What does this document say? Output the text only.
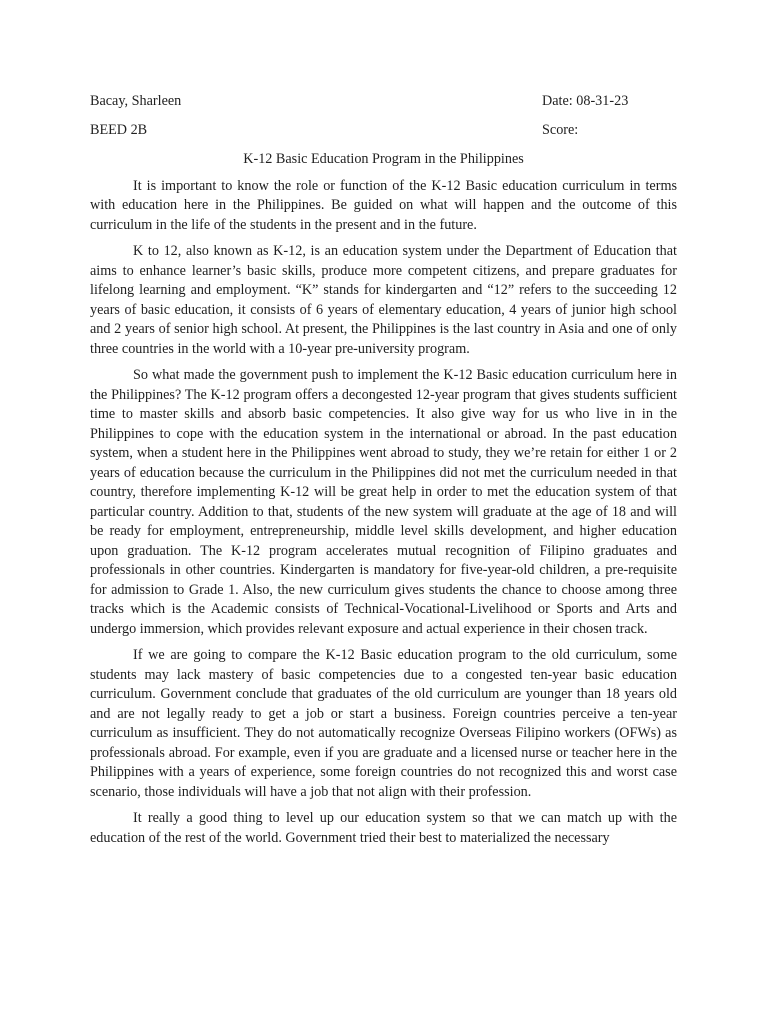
Bacay, Sharleen	Date: 08-31-23
BEED 2B	Score:
K-12 Basic Education Program in the Philippines

It is important to know the role or function of the K-12 Basic education curriculum in terms with education here in the Philippines. Be guided on what will happen and the outcome of this curriculum in the life of the students in the present and in the future.

K to 12, also known as K-12, is an education system under the Department of Education that aims to enhance learner’s basic skills, produce more competent citizens, and prepare graduates for lifelong learning and employment. “K” stands for kindergarten and “12” refers to the succeeding 12 years of basic education, it consists of 6 years of elementary education, 4 years of junior high school and 2 years of senior high school. At present, the Philippines is the last country in Asia and one of only three countries in the world with a 10-year pre-university program.

So what made the government push to implement the K-12 Basic education curriculum here in the Philippines? The K-12 program offers a decongested 12-year program that gives students sufficient time to master skills and absorb basic competencies. It also give way for us who live in in the Philippines to cope with the education system in the international or abroad. In the past education system, when a student here in the Philippines went abroad to study, they we’re retain for either 1 or 2 years of education because the curriculum in the Philippines did not met the curriculum needed in that country, therefore implementing K-12 will be great help in order to met the education system of that particular country. Addition to that, students of the new system will graduate at the age of 18 and will be ready for employment, entrepreneurship, middle level skills development, and higher education upon graduation. The K-12 program accelerates mutual recognition of Filipino graduates and professionals in other countries. Kindergarten is mandatory for five-year-old children, a pre-requisite for admission to Grade 1. Also, the new curriculum gives students the chance to choose among three tracks which is the Academic consists of Technical-Vocational-Livelihood or Sports and Arts and undergo immersion, which provides relevant exposure and actual experience in their chosen track.

If we are going to compare the K-12 Basic education program to the old curriculum, some students may lack mastery of basic competencies due to a congested ten-year basic education curriculum. Government conclude that graduates of the old curriculum are younger than 18 years old and are not legally ready to get a job or start a business. Foreign countries perceive a ten-year curriculum as insufficient. They do not automatically recognize Overseas Filipino workers (OFWs) as professionals abroad. For example, even if you are graduate and a licensed nurse or teacher here in the Philippines with a years of experience, some foreign countries do not recognized this and worst case scenario, those individuals will have a job that not align with their profession.

It really a good thing to level up our education system so that we can match up with the education of the rest of the world. Government tried their best to materialized the necessary
